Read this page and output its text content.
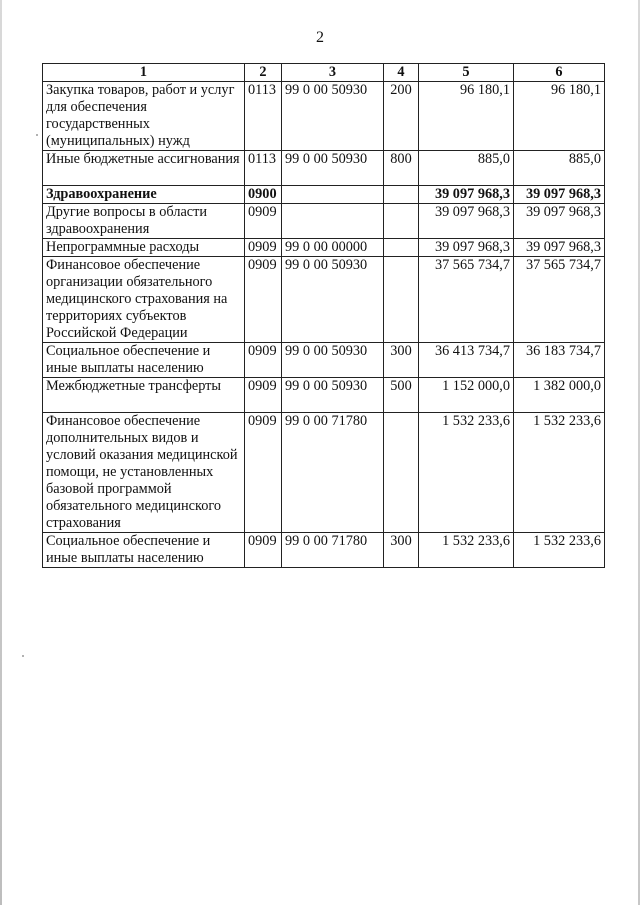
2
1	2	3	4	5	6
Закупка товаров, работ и услуг для обеспечения государственных (муниципальных) нужд	0113	99 0 00 50930	200	96 180,1	96 180,1
Иные бюджетные ассигнования	0113	99 0 00 50930	800	885,0	885,0
Здравоохранение	0900			39 097 968,3	39 097 968,3
Другие вопросы в области здравоохранения	0909			39 097 968,3	39 097 968,3
Непрограммные расходы	0909	99 0 00 00000		39 097 968,3	39 097 968,3
Финансовое обеспечение организации обязательного медицинского страхования на территориях субъектов Российской Федерации	0909	99 0 00 50930		37 565 734,7	37 565 734,7
Социальное обеспечение и иные выплаты населению	0909	99 0 00 50930	300	36 413 734,7	36 183 734,7
Межбюджетные трансферты	0909	99 0 00 50930	500	1 152 000,0	1 382 000,0
Финансовое обеспечение дополнительных видов и условий оказания медицинской помощи, не установленных базовой программой обязательного медицинского страхования	0909	99 0 00 71780		1 532 233,6	1 532 233,6
Социальное обеспечение и иные выплаты населению	0909	99 0 00 71780	300	1 532 233,6	1 532 233,6
